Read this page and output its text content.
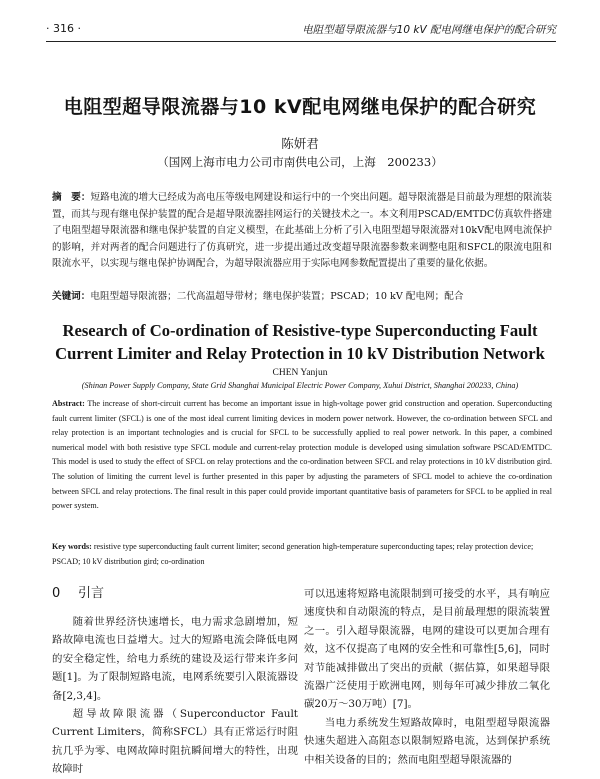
· 316 ·	电阻型超导限流器与10 kV 配电网继电保护的配合研究
电阻型超导限流器与10 kV配电网继电保护的配合研究
陈妍君
（国网上海市电力公司市南供电公司，上海　200233）
摘　要：短路电流的增大已经成为高电压等级电网建设和运行中的一个突出问题。超导限流器是目前最为理想的限流装置，而其与现有继电保护装置的配合是超导限流器挂网运行的关键技术之一。本文利用PSCAD/EMTDC仿真软件搭建了电阻型超导限流器和继电保护装置的自定义模型，在此基础上分析了引入电阻型超导限流器对10kV配电网电流保护的影响，并对两者的配合问题进行了仿真研究，进一步提出通过改变超导限流器参数来调整电阻和SFCL的限流电阻和限流水平，以实现与继电保护协调配合，为超导限流器应用于实际电网参数配置提出了重要的量化依据。
关键词：电阻型超导限流器；二代高温超导带材；继电保护装置；PSCAD；10 kV 配电网；配合
Research of Co-ordination of Resistive-type Superconducting Fault
Current Limiter and Relay Protection in 10 kV Distribution Network
CHEN Yanjun
(Shinan Power Supply Company, State Grid Shanghai Municipal Electric Power Company, Xuhui District, Shanghai 200233, China)
Abstract: The increase of short-circuit current has become an important issue in high-voltage power grid construction and operation. Superconducting fault current limiter (SFCL) is one of the most ideal current limiting devices in modern power network. However, the co-ordination between SFCL and relay protection is an important technologies and is crucial for SFCL to be successfully applied to real power network. In this paper, a combined numerical model with both resistive type SFCL module and current-relay protection module is developed using simulation software PSCAD/EMTDC. This model is used to study the effect of SFCL on relay protections and the co-ordination between SFCL and relay protections in 10 kV distribution gird. The solution of limiting the current level is further presented in this paper by adjusting the parameters of SFCL model to achieve the co-ordination between SFCL and relay protections. The final result in this paper could provide important quantitative basis of parameters for SFCL to be applied in real power system.
Key words: resistive type superconducting fault current limiter; second generation high-temperature superconducting tapes; relay protection device; PSCAD; 10 kV distribution gird; co-ordination
0 引言

随着世界经济快速增长，电力需求急剧增加，短路故障电流也日益增大。过大的短路电流会降低电网的安全稳定性，给电力系统的建设及运行带来许多问题[1]。为了限制短路电流，电网系统要引入限流器设备[2,3,4]。

超导故障限流器（Superconductor Fault Current Limiters，简称SFCL）具有正常运行时阻抗几乎为零、电网故障时阻抗瞬间增大的特性，出现故障时

可以迅速将短路电流限制到可接受的水平，具有响应速度快和自动限流的特点，是目前最理想的限流装置之一。引入超导限流器，电网的建设可以更加合理有效，这不仅提高了电网的安全性和可靠性[5,6]，同时对节能减排做出了突出的贡献（据估算，如果超导限流器广泛使用于欧洲电网，则每年可减少排放二氧化碳20万～30万吨）[7]。

当电力系统发生短路故障时，电阻型超导限流器快速失超进入高阻态以限制短路电流，达到保护系统中相关设备的目的；然而电阻型超导限流器的
